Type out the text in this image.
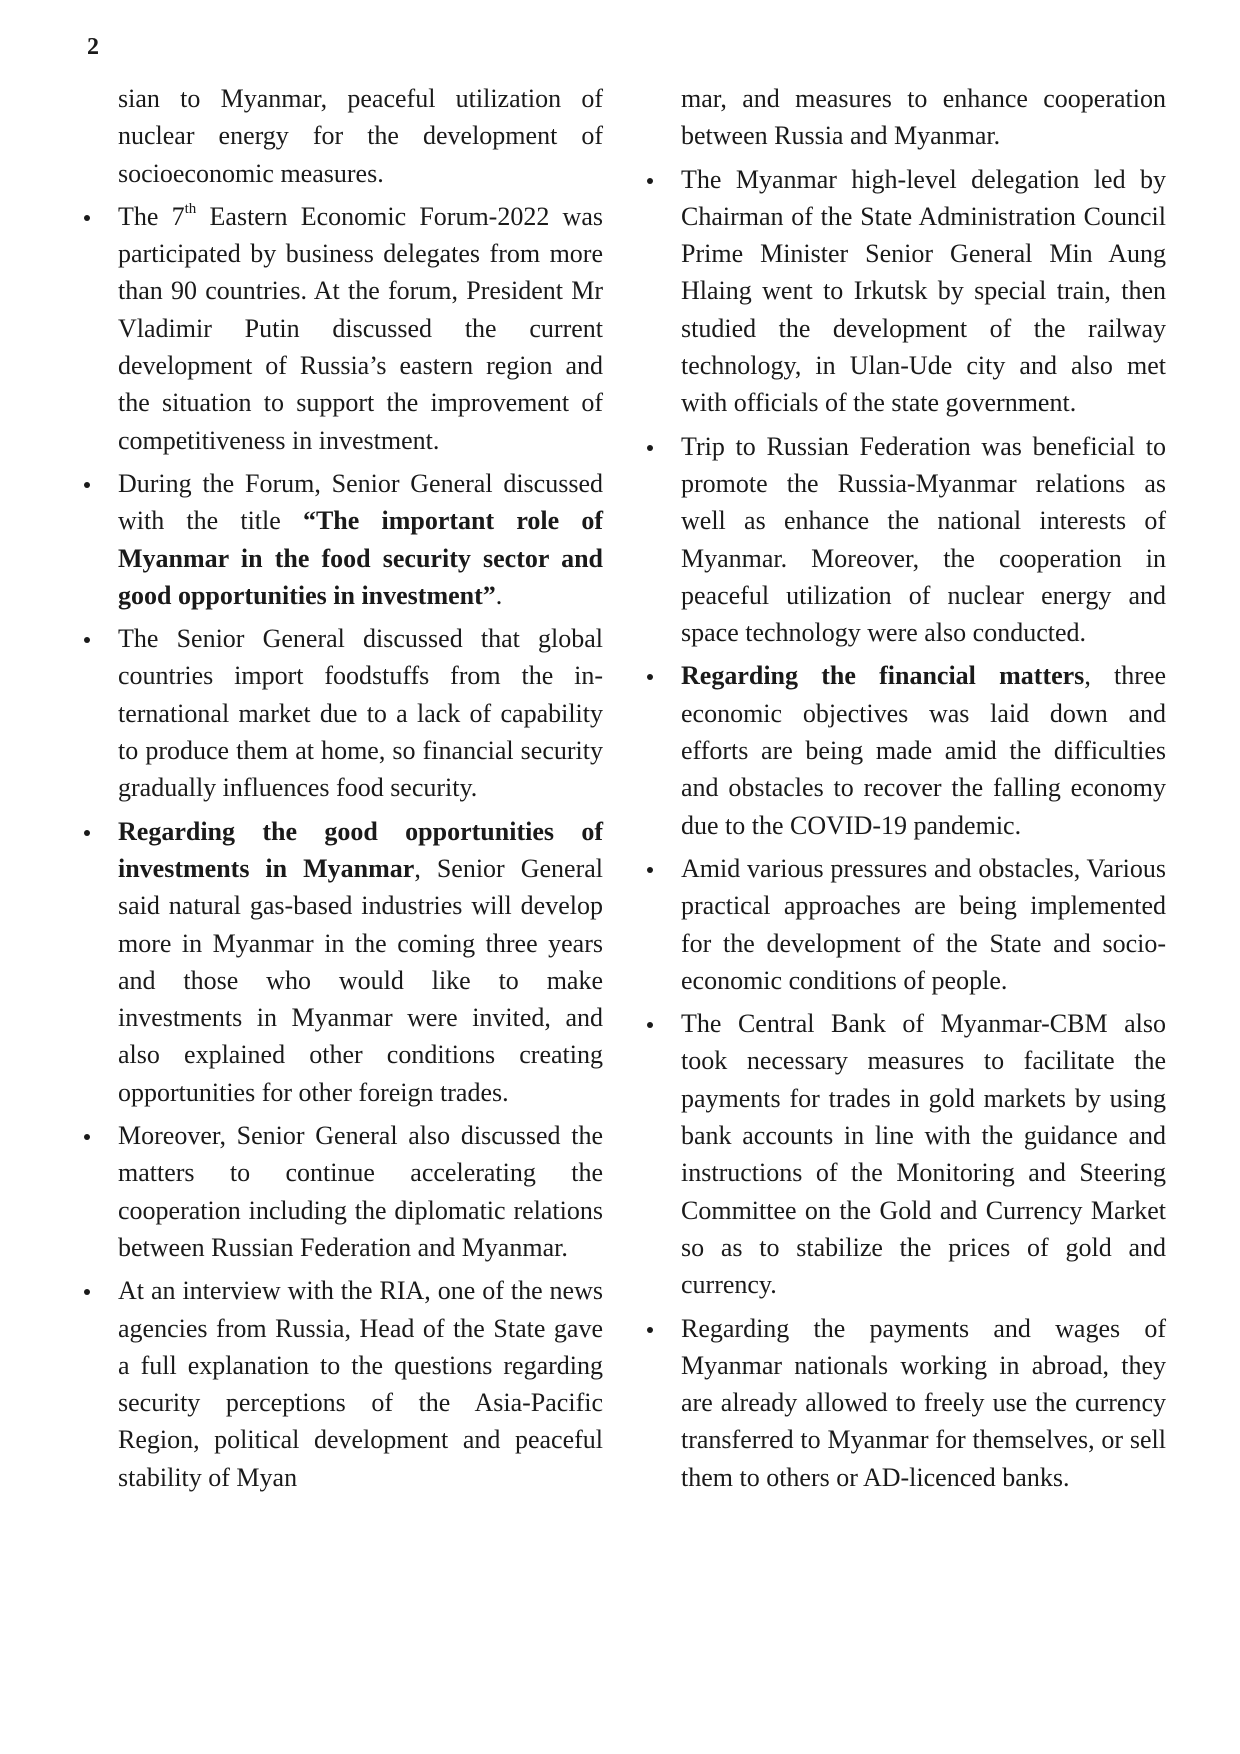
2

sian to Myanmar, peaceful utilization of nuclear energy for the development of socioeconomic measures.

The 7th Eastern Economic Forum-2022 was participated by business delegates from more than 90 countries. At the forum, President Mr Vladimir Putin discussed the current development of Russia’s eastern region and the situation to support the improvement of competitiveness in investment.

During the Forum, Senior General discussed with the title “The important role of Myanmar in the food security sector and good opportunities in investment”.

The Senior General discussed that global countries import foodstuffs from the international market due to a lack of capability to produce them at home, so financial security gradually influences food security.

Regarding the good opportunities of investments in Myanmar, Senior General said natural gas-based industries will develop more in Myanmar in the coming three years and those who would like to make investments in Myanmar were invited, and also explained other conditions creating opportunities for other foreign trades.

Moreover, Senior General also discussed the matters to continue accelerating the cooperation including the diplomatic relations between Russian Federation and Myanmar.

At an interview with the RIA, one of the news agencies from Russia, Head of the State gave a full explanation to the questions regarding security perceptions of the Asia-Pacific Region, political development and peaceful stability of Myan

mar, and measures to enhance cooperation between Russia and Myanmar.

The Myanmar high-level delegation led by Chairman of the State Administration Council Prime Minister Senior General Min Aung Hlaing went to Irkutsk by special train, then studied the development of the railway technology, in Ulan-Ude city and also met with officials of the state government.

Trip to Russian Federation was beneficial to promote the Russia-Myanmar relations as well as enhance the national interests of Myanmar. Moreover, the cooperation in peaceful utilization of nuclear energy and space technology were also conducted.

Regarding the financial matters, three economic objectives was laid down and efforts are being made amid the difficulties and obstacles to recover the falling economy due to the COVID-19 pandemic.

Amid various pressures and obstacles, Various practical approaches are being implemented for the development of the State and socio-economic conditions of people.

The Central Bank of Myanmar-CBM also took necessary measures to facilitate the payments for trades in gold markets by using bank accounts in line with the guidance and instructions of the Monitoring and Steering Committee on the Gold and Currency Market so as to stabilize the prices of gold and currency.

Regarding the payments and wages of Myanmar nationals working in abroad, they are already allowed to freely use the currency transferred to Myanmar for themselves, or sell them to others or AD-licenced banks.
